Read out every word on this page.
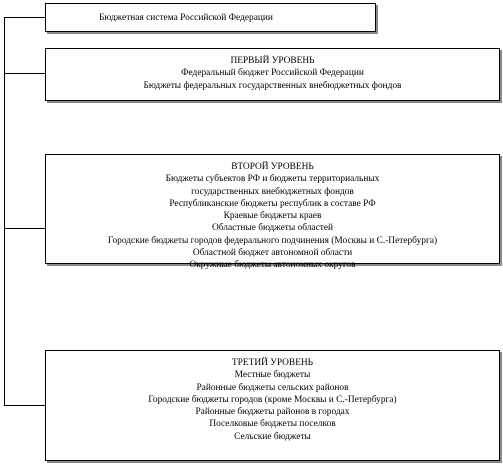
Бюджетная система Российской Федерации
ПЕРВЫЙ УРОВЕНЬ
Федеральный бюджет Российской Федерации
Бюджеты федеральных государственных внебюджетных фондов
ВТОРОЙ УРОВЕНЬ
Бюджеты субъектов РФ и бюджеты территориальных государственных внебюджетных фондов
Республиканские бюджеты республик в составе РФ
Краевые бюджеты краев
Областные бюджеты областей
Городские бюджеты городов федерального подчинения (Москвы и С.-Петербурга)
Областной бюджет автономной области
Окружные бюджеты автономных округов
ТРЕТИЙ УРОВЕНЬ
Местные бюджеты
Районные бюджеты сельских районов
Городские бюджеты городов (кроме Москвы и С.-Петербурга)
Районные бюджеты районов в городах
Поселковые бюджеты поселков
Сельские бюджеты
